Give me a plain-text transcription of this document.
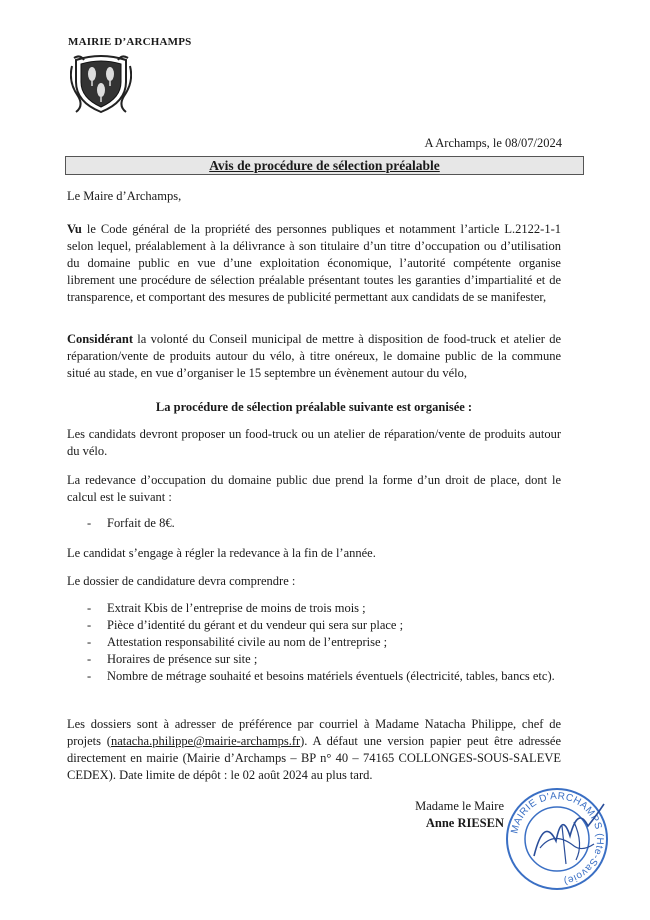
MAIRIE D’ARCHAMPS
A Archamps, le 08/07/2024
Avis de procédure de sélection préalable
Le Maire d’Archamps,
Vu le Code général de la propriété des personnes publiques et notamment l’article L.2122-1-1 selon lequel, préalablement à la délivrance à son titulaire d’un titre d’occupation ou d’utilisation du domaine public en vue d’une exploitation économique, l’autorité compétente organise librement une procédure de sélection préalable présentant toutes les garanties d’impartialité et de transparence, et comportant des mesures de publicité permettant aux candidats de se manifester,
Considérant la volonté du Conseil municipal de mettre à disposition de food-truck et atelier de réparation/vente de produits autour du vélo, à titre onéreux, le domaine public de la commune situé au stade, en vue d’organiser le 15 septembre un évènement autour du vélo,
La procédure de sélection préalable suivante est organisée :
Les candidats devront proposer un food-truck ou un atelier de réparation/vente de produits autour du vélo.
La redevance d’occupation du domaine public due prend la forme d’un droit de place, dont le calcul est le suivant :
- Forfait de 8€.
Le candidat s’engage à régler la redevance à la fin de l’année.
Le dossier de candidature devra comprendre :
- Extrait Kbis de l’entreprise de moins de trois mois ;
- Pièce d’identité du gérant et du vendeur qui sera sur place ;
- Attestation responsabilité civile au nom de l’entreprise ;
- Horaires de présence sur site ;
- Nombre de métrage souhaité et besoins matériels éventuels (électricité, tables, bancs etc).
Les dossiers sont à adresser de préférence par courriel à Madame Natacha Philippe, chef de projets (natacha.philippe@mairie-archamps.fr). A défaut une version papier peut être adressée directement en mairie (Mairie d’Archamps – BP n° 40 – 74165 COLLONGES-SOUS-SALEVE CEDEX). Date limite de dépôt : le 02 août 2024 au plus tard.
Madame le Maire
Anne RIESEN MAIRIE D'ARCHAMPS (Hte-Savoie)
